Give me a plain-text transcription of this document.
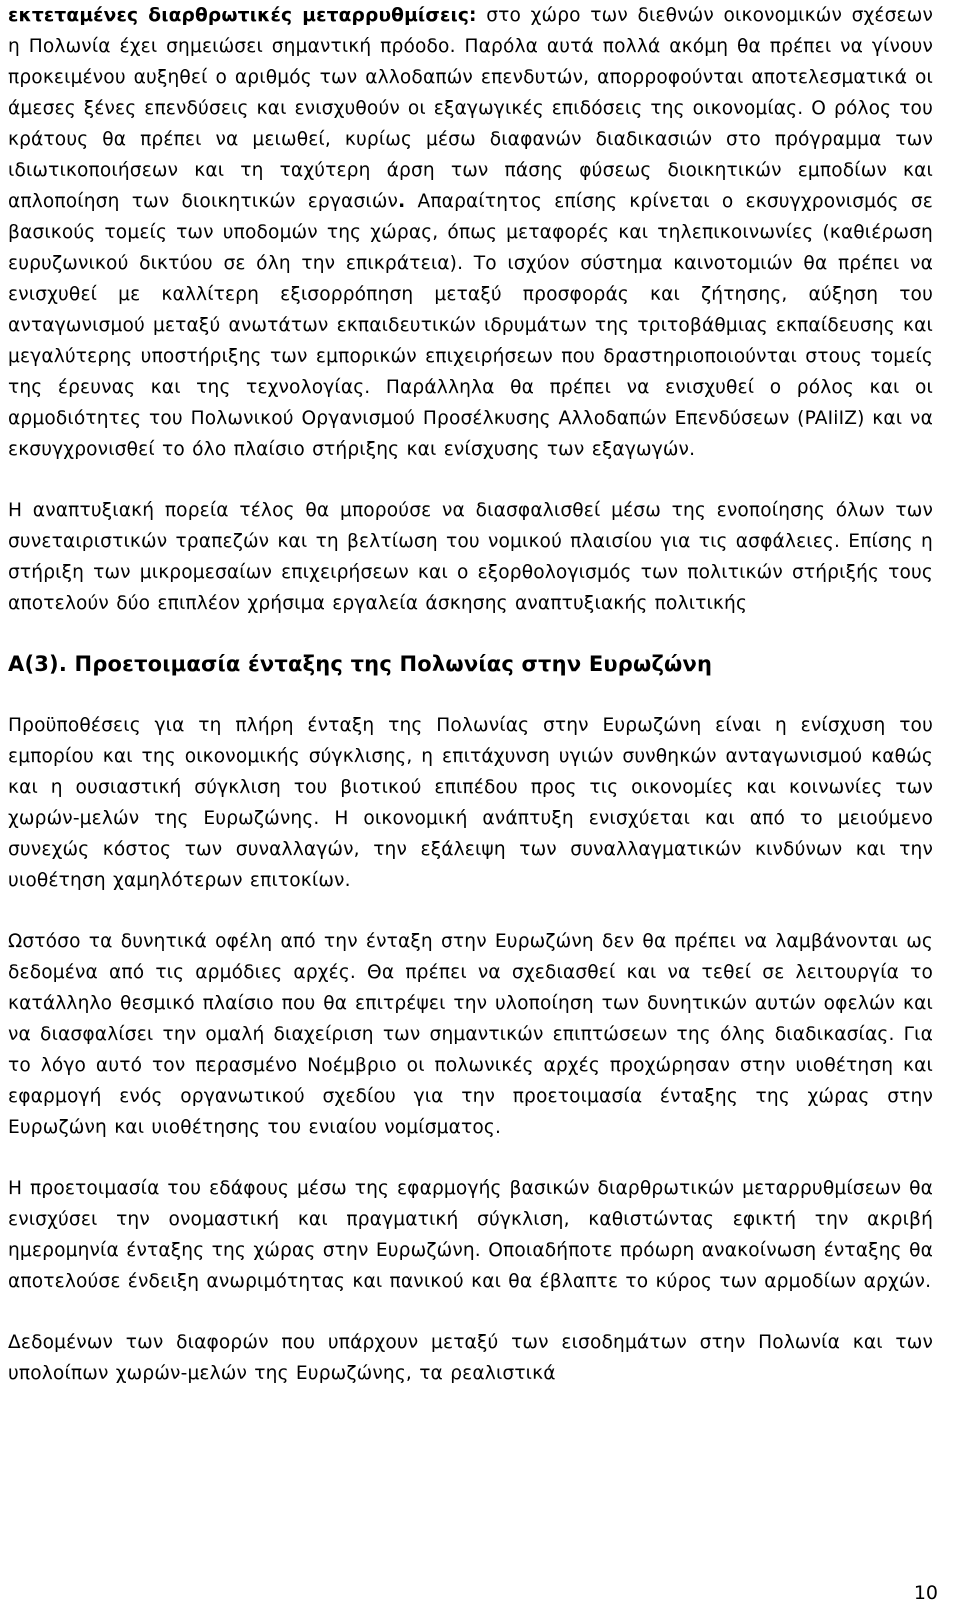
εκτεταμένες διαρθρωτικές μεταρρυθμίσεις: στο χώρο των διεθνών οικονομικών σχέσεων η Πολωνία έχει σημειώσει σημαντική πρόοδο. Παρόλα αυτά πολλά ακόμη θα πρέπει να γίνουν προκειμένου αυξηθεί ο αριθμός των αλλοδαπών επενδυτών, απορροφούνται αποτελεσματικά οι άμεσες ξένες επενδύσεις και ενισχυθούν οι εξαγωγικές επιδόσεις της οικονομίας. Ο ρόλος του κράτους θα πρέπει να μειωθεί, κυρίως μέσω διαφανών διαδικασιών στο πρόγραμμα των ιδιωτικοποιήσεων και τη ταχύτερη άρση των πάσης φύσεως διοικητικών εμποδίων και απλοποίηση των διοικητικών εργασιών. Απαραίτητος επίσης κρίνεται ο εκσυγχρονισμός σε βασικούς τομείς των υποδομών της χώρας, όπως μεταφορές και τηλεπικοινωνίες (καθιέρωση ευρυζωνικού δικτύου σε όλη την επικράτεια). Το ισχύον σύστημα καινοτομιών θα πρέπει να ενισχυθεί με καλλίτερη εξισορρόπηση μεταξύ προσφοράς και ζήτησης, αύξηση του ανταγωνισμού μεταξύ ανωτάτων εκπαιδευτικών ιδρυμάτων της τριτοβάθμιας εκπαίδευσης και μεγαλύτερης υποστήριξης των εμπορικών επιχειρήσεων που δραστηριοποιούνται στους τομείς της έρευνας και της τεχνολογίας. Παράλληλα θα πρέπει να ενισχυθεί ο ρόλος και οι αρμοδιότητες του Πολωνικού Οργανισμού Προσέλκυσης Αλλοδαπών Επενδύσεων (PAIiIZ) και να εκσυγχρονισθεί το όλο πλαίσιο στήριξης και ενίσχυσης των εξαγωγών.

Η αναπτυξιακή πορεία τέλος θα μπορούσε να διασφαλισθεί μέσω της ενοποίησης όλων των συνεταιριστικών τραπεζών και τη βελτίωση του νομικού πλαισίου για τις ασφάλειες. Επίσης η στήριξη των μικρομεσαίων επιχειρήσεων και ο εξορθολογισμός των πολιτικών στήριξής τους αποτελούν δύο επιπλέον χρήσιμα εργαλεία άσκησης αναπτυξιακής πολιτικής

Α(3). Προετοιμασία ένταξης της Πολωνίας στην Ευρωζώνη

Προϋποθέσεις για τη πλήρη ένταξη της Πολωνίας στην Ευρωζώνη είναι η ενίσχυση του εμπορίου και της οικονομικής σύγκλισης, η επιτάχυνση υγιών συνθηκών ανταγωνισμού καθώς και η ουσιαστική σύγκλιση του βιοτικού επιπέδου προς τις οικονομίες και κοινωνίες των χωρών-μελών της Ευρωζώνης. Η οικονομική ανάπτυξη ενισχύεται και από το μειούμενο συνεχώς κόστος των συναλλαγών, την εξάλειψη των συναλλαγματικών κινδύνων και την υιοθέτηση χαμηλότερων επιτοκίων.

Ωστόσο τα δυνητικά οφέλη από την ένταξη στην Ευρωζώνη δεν θα πρέπει να λαμβάνονται ως δεδομένα από τις αρμόδιες αρχές. Θα πρέπει να σχεδιασθεί και να τεθεί σε λειτουργία το κατάλληλο θεσμικό πλαίσιο που θα επιτρέψει την υλοποίηση των δυνητικών αυτών οφελών και να διασφαλίσει την ομαλή διαχείριση των σημαντικών επιπτώσεων της όλης διαδικασίας. Για το λόγο αυτό τον περασμένο Νοέμβριο οι πολωνικές αρχές προχώρησαν στην υιοθέτηση και εφαρμογή ενός οργανωτικού σχεδίου για την προετοιμασία ένταξης της χώρας στην Ευρωζώνη και υιοθέτησης του ενιαίου νομίσματος.

Η προετοιμασία του εδάφους μέσω της εφαρμογής βασικών διαρθρωτικών μεταρρυθμίσεων θα ενισχύσει την ονομαστική και πραγματική σύγκλιση, καθιστώντας εφικτή την ακριβή ημερομηνία ένταξης της χώρας στην Ευρωζώνη. Οποιαδήποτε πρόωρη ανακοίνωση ένταξης θα αποτελούσε ένδειξη ανωριμότητας και πανικού και θα έβλαπτε το κύρος των αρμοδίων αρχών.

Δεδομένων των διαφορών που υπάρχουν μεταξύ των εισοδημάτων στην Πολωνία και των υπολοίπων χωρών-μελών της Ευρωζώνης, τα ρεαλιστικά

10
